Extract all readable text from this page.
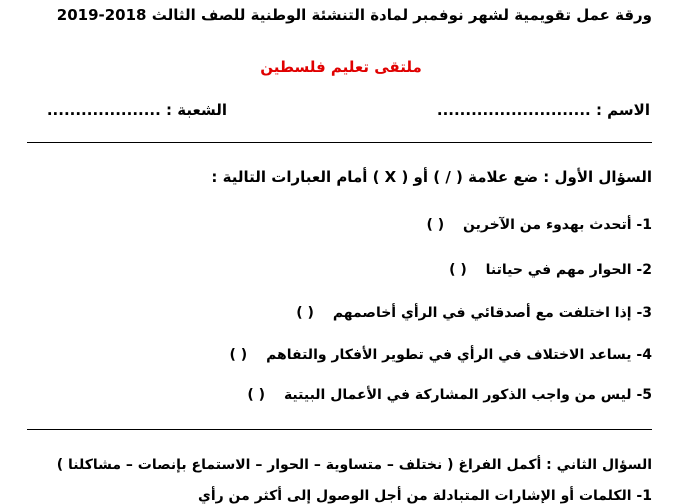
ورقة عمل تقويمية لشهر نوفمبر لمادة التنشئة الوطنية للصف الثالث 2018-2019
ملتقى تعليم فلسطين
الاسم : ...........................
الشعبة : ....................
السؤال الأول : ضع علامة ( / ) أو ( X ) أمام العبارات التالية :
1- أتحدث بهدوء من الآخرين ( )
2- الحوار مهم في حياتنا ( )
3- إذا اختلفت مع أصدقائي في الرأي أخاصمهم ( )
4- يساعد الاختلاف في الرأي في تطوير الأفكار والتفاهم ( )
5- ليس من واجب الذكور المشاركة في الأعمال البيتية ( )
السؤال الثاني : أكمل الفراغ ( نختلف – متساوية – الحوار – الاستماع بإنصات – مشاكلنا )
1- الكلمات أو الإشارات المتبادلة من أجل الوصول إلى أكثر من رأي
